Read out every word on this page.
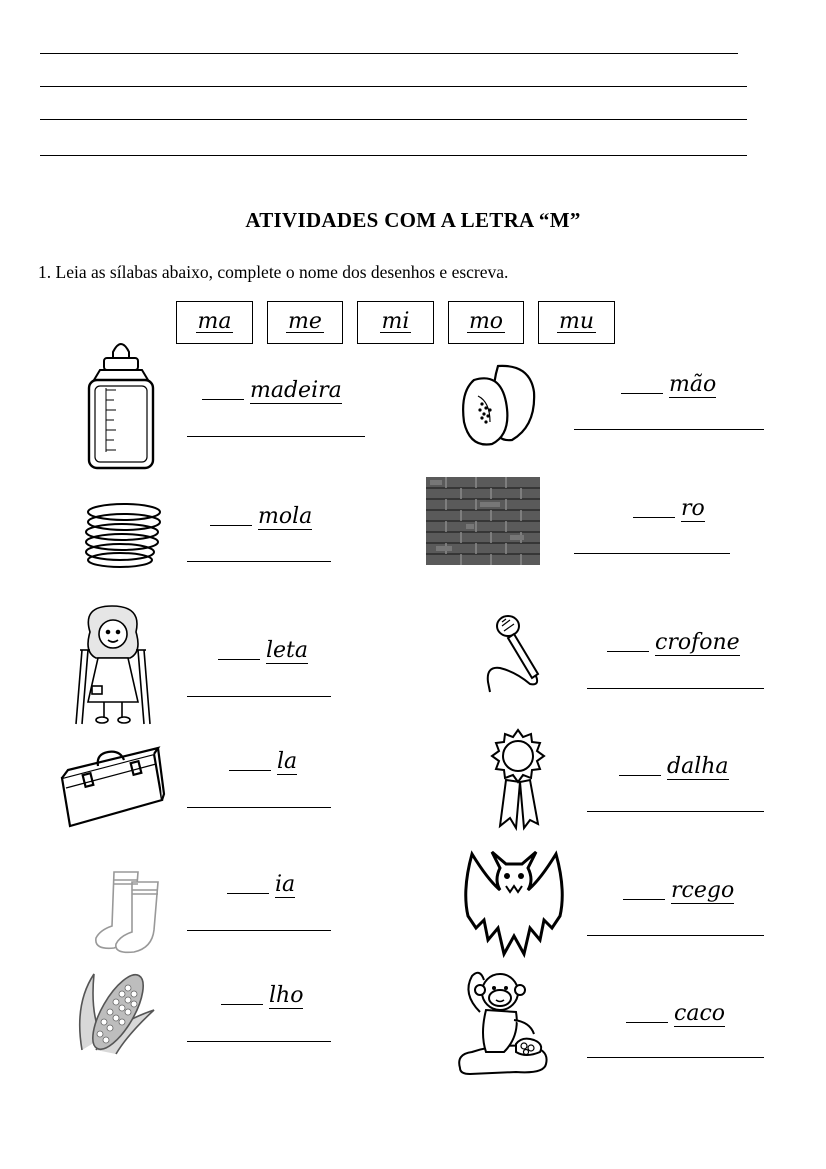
ATIVIDADES COM A LETRA “M”
1. Leia as sílabas abaixo, complete o nome dos desenhos e escreva.
ma	me	mi	mo	mu
madeira	mão
mola	ro
leta	crofone
la	dalha
ia	rcego
lho
caco
